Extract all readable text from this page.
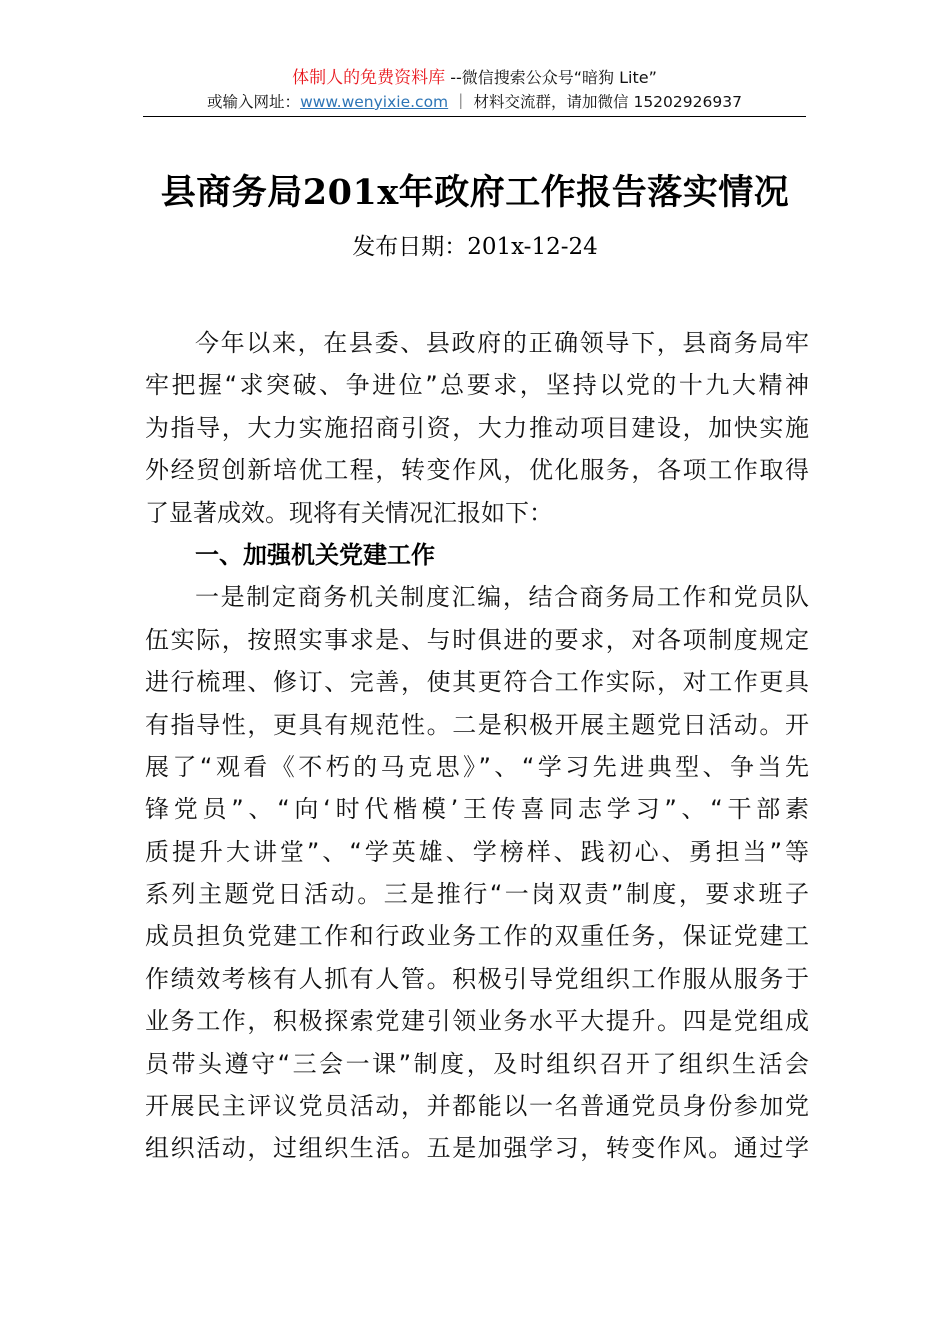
体制人的免费资料库 --微信搜索公众号“暗狗 Lite”
或输入网址：www.wenyixie.com ｜ 材料交流群，请加微信 15202926937
县商务局201x年政府工作报告落实情况
发布日期：201x-12-24
今年以来，在县委、县政府的正确领导下，县商务局牢
牢把握“求突破、争进位”总要求，坚持以党的十九大精神
为指导，大力实施招商引资，大力推动项目建设，加快实施
外经贸创新培优工程，转变作风，优化服务，各项工作取得
了显著成效。现将有关情况汇报如下：
一、加强机关党建工作
一是制定商务机关制度汇编，结合商务局工作和党员队
伍实际，按照实事求是、与时俱进的要求，对各项制度规定
进行梳理、修订、完善，使其更符合工作实际，对工作更具
有指导性，更具有规范性。二是积极开展主题党日活动。开
展了“观看《不朽的马克思》”、“学习先进典型、争当先
锋党员”、“向‘时代楷模’王传喜同志学习”、“干部素
质提升大讲堂”、“学英雄、学榜样、践初心、勇担当”等
系列主题党日活动。三是推行“一岗双责”制度，要求班子
成员担负党建工作和行政业务工作的双重任务，保证党建工
作绩效考核有人抓有人管。积极引导党组织工作服从服务于
业务工作，积极探索党建引领业务水平大提升。四是党组成
员带头遵守“三会一课”制度，及时组织召开了组织生活会
开展民主评议党员活动，并都能以一名普通党员身份参加党
组织活动，过组织生活。五是加强学习，转变作风。通过学
